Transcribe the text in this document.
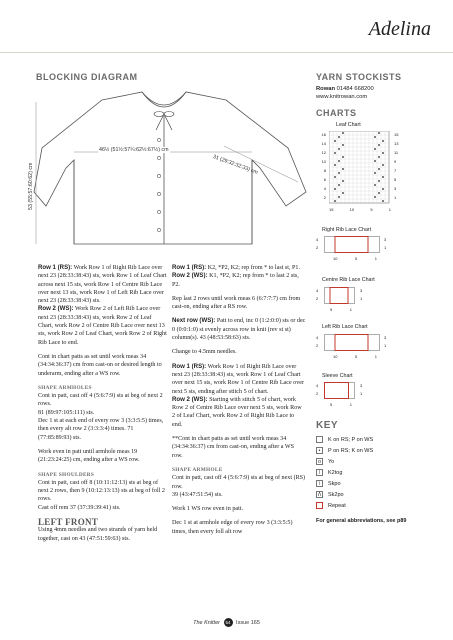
Adelina
BLOCKING DIAGRAM
46½ (51½:57¼:62½:67½) cm
31 (29:32:32:33) cm
53 (55:57:60:62) cm
YARN STOCKISTS
Rowan 01484 668200
www.knitrowan.com
CHARTS
Leaf Chart
16
14
12
10
8
6
4
2
15
13
11
9
7
5
3
1
15	10	5	1
Right Rib Lace Chart
4
2
3
1
10	5	1
Centre Rib Lace Chart
4
2
3
1
5	1
Left Rib Lace Chart
4
2
3
1
10	5	1
Sleeve Chart
4
2
3
1
5	1
KEY
K on RS; P on WS
•	P on RS; K on WS
o	Yo
/	K2tog
\	Skpo
Λ	Sk2po
Repeat
For general abbreviations, see p89

Row 1 (RS): Work Row 1 of Right Rib Lace over next 23 (28:33:38:43) sts, work Row 1 of Leaf Chart across next 15 sts, work Row 1 of Centre Rib Lace over next 13 sts, work Row 1 of Left Rib Lace over next 23 (28:33:38:43) sts.

Row 2 (WS): Work Row 2 of Left Rib Lace over next 23 (28:33:38:43) sts, work Row 2 of Leaf Chart, work Row 2 of Centre Rib Lace over next 13 sts, work Row 2 of Leaf Chart, work Row 2 of Right Rib Lace to end.

Cont in chart patts as set until work meas 34 (34:34:36:37) cm from cast-on or desired length to underarm, ending after a WS row.

SHAPE ARMHOLES

Cont in patt, cast off 4 (5:6:7:9) sts at beg of next 2 rows.

81 (89:97:105:111) sts.

Dec 1 st at each end of every row 3 (3:3:5:5) times, then every alt row 2 (3:3:3:4) times. 71 (77:85:89:93) sts.

Work even in patt until armhole meas 19 (21:23:24:25) cm, ending after a WS row.

SHAPE SHOULDERS

Cont in patt, cast off 8 (10:11:12:13) sts at beg of next 2 rows, then 9 (10:12:13:13) sts at beg of foll 2 rows.

Cast off rem 37 (37:39:39:41) sts.

LEFT FRONT

Using 4mm needles and two strands of yarn held together, cast on 43 (47:51:59:63) sts.

Row 1 (RS): K2, *P2, K2; rep from * to last st, P1.

Row 2 (WS): K1, *P2, K2; rep from * to last 2 sts, P2.

Rep last 2 rows until work meas 6 (6:7:7:7) cm from cast-on, ending after a RS row.

Next row (WS): Patt to end, inc 0 (1:2:0:0) sts or dec 0 (0:0:1:0) st evenly across row in knit (rev st st) column(s). 43 (48:53:58:63) sts.

Change to 4.5mm needles.

Row 1 (RS): Work Row 1 of Right Rib Lace over next 23 (28:33:38:43) sts, work Row 1 of Leaf Chart over next 15 sts, work Row 1 of Centre Rib Lace over next 5 sts, ending after stitch 5 of chart.

Row 2 (WS): Starting with stitch 5 of chart, work Row 2 of Centre Rib Lace over next 5 sts, work Row 2 of Leaf Chart, work Row 2 of Right Rib Lace to end.

**Cont in chart patts as set until work meas 34 (34:34:36:37) cm from cast-on, ending after a WS row.

SHAPE ARMHOLE

Cont in patt, cast off 4 (5:6:7:9) sts at beg of next (RS) row.

39 (43:47:51:54) sts.

Work 1 WS row even in patt.

Dec 1 st at armhole edge of every row 3 (3:3:5:5) times, then every foll alt row

The Knitter 54 Issue 165
